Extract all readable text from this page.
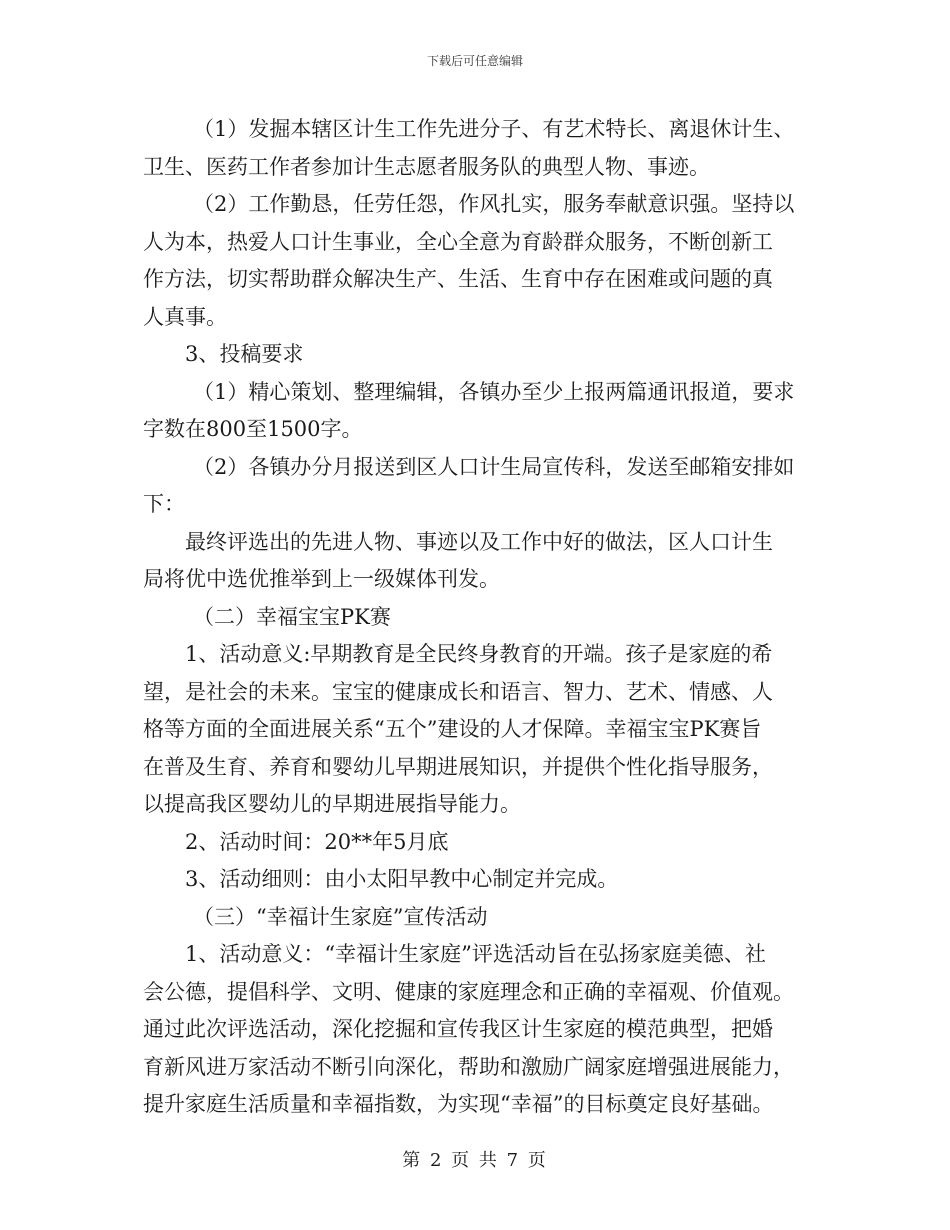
下载后可任意编辑
（1）发掘本辖区计生工作先进分子、有艺术特长、离退休计生、
卫生、医药工作者参加计生志愿者服务队的典型人物、事迹。
（2）工作勤恳，任劳任怨，作风扎实，服务奉献意识强。坚持以
人为本，热爱人口计生事业，全心全意为育龄群众服务，不断创新工
作方法，切实帮助群众解决生产、生活、生育中存在困难或问题的真
人真事。
3、投稿要求
（1）精心策划、整理编辑，各镇办至少上报两篇通讯报道，要求
字数在800至1500字。
（2）各镇办分月报送到区人口计生局宣传科，发送至邮箱安排如
下：
最终评选出的先进人物、事迹以及工作中好的做法，区人口计生
局将优中选优推举到上一级媒体刊发。
（二）幸福宝宝PK赛
1、活动意义:早期教育是全民终身教育的开端。孩子是家庭的希
望，是社会的未来。宝宝的健康成长和语言、智力、艺术、情感、人
格等方面的全面进展关系“五个”建设的人才保障。幸福宝宝PK赛旨
在普及生育、养育和婴幼儿早期进展知识，并提供个性化指导服务，
以提高我区婴幼儿的早期进展指导能力。
2、活动时间：20**年5月底
3、活动细则：由小太阳早教中心制定并完成。
（三）“幸福计生家庭”宣传活动
1、活动意义：“幸福计生家庭”评选活动旨在弘扬家庭美德、社
会公德，提倡科学、文明、健康的家庭理念和正确的幸福观、价值观。
通过此次评选活动，深化挖掘和宣传我区计生家庭的模范典型，把婚
育新风进万家活动不断引向深化，帮助和激励广阔家庭增强进展能力，
提升家庭生活质量和幸福指数，为实现“幸福”的目标奠定良好基础。
第 2 页 共 7 页
